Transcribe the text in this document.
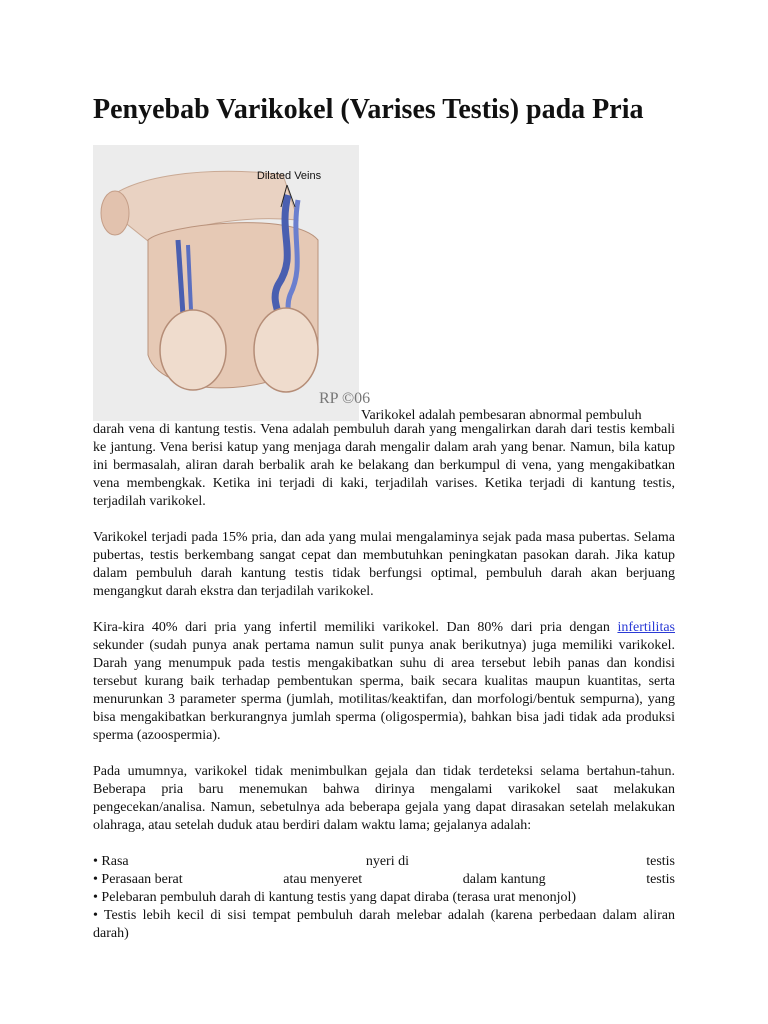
Penyebab Varikokel (Varises Testis) pada Pria
Dilated Veins
RP ©06
Varikokel adalah pembesaran abnormal pembuluh

darah vena di kantung testis. Vena adalah pembuluh darah yang mengalirkan darah dari testis kembali ke jantung. Vena berisi katup yang menjaga darah mengalir dalam arah yang benar. Namun, bila katup ini bermasalah, aliran darah berbalik arah ke belakang dan berkumpul di vena, yang mengakibatkan vena membengkak. Ketika ini terjadi di kaki, terjadilah varises. Ketika terjadi di kantung testis, terjadilah varikokel.

Varikokel terjadi pada 15% pria, dan ada yang mulai mengalaminya sejak pada masa pubertas. Selama pubertas, testis berkembang sangat cepat dan membutuhkan peningkatan pasokan darah. Jika katup dalam pembuluh darah kantung testis tidak berfungsi optimal, pembuluh darah akan berjuang mengangkut darah ekstra dan terjadilah varikokel.

Kira-kira 40% dari pria yang infertil memiliki varikokel. Dan 80% dari pria dengan infertilitas sekunder (sudah punya anak pertama namun sulit punya anak berikutnya) juga memiliki varikokel. Darah yang menumpuk pada testis mengakibatkan suhu di area tersebut lebih panas dan kondisi tersebut kurang baik terhadap pembentukan sperma, baik secara kualitas maupun kuantitas, serta menurunkan 3 parameter sperma (jumlah, motilitas/keaktifan, dan morfologi/bentuk sempurna), yang bisa mengakibatkan berkurangnya jumlah sperma (oligospermia), bahkan bisa jadi tidak ada produksi sperma (azoospermia).

Pada umumnya, varikokel tidak menimbulkan gejala dan tidak terdeteksi selama bertahun-tahun. Beberapa pria baru menemukan bahwa dirinya mengalami varikokel saat melakukan pengecekan/analisa. Namun, sebetulnya ada beberapa gejala yang dapat dirasakan setelah melakukan olahraga, atau setelah duduk atau berdiri dalam waktu lama; gejalanya adalah:

• Rasa	nyeri di	testis
• Perasaan berat	atau menyeret	dalam kantung	testis
• Pelebaran pembuluh darah di kantung testis yang dapat diraba (terasa urat menonjol)
• Testis lebih kecil di sisi tempat pembuluh darah melebar adalah (karena perbedaan dalam aliran darah)
